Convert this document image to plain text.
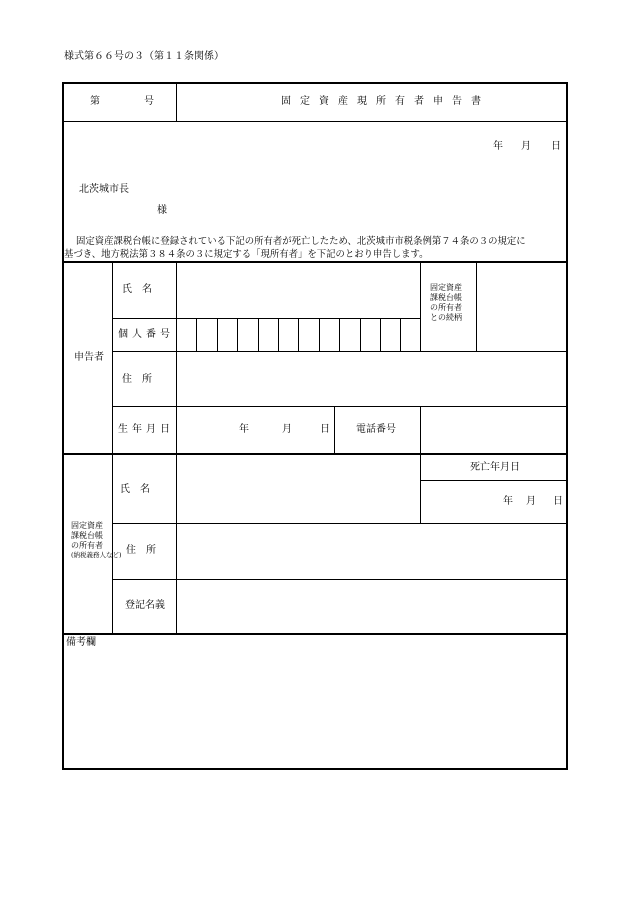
様式第６６号の３（第１１条関係）
第	号	固定資産現所有者申告書
年 月 日
北茨城市長
様
固定資産課税台帳に登録されている下記の所有者が死亡したため、北茨城市市税条例第７４条の３の規定に
基づき、地方税法第３８４条の３に規定する「現所有者」を下記のとおり申告します。
申告者
氏　名
個人番号
固定資産
課税台帳
の所有者
との続柄
住　所
生年月日	年	月	日	電話番号
固定資産
課税台帳
の所有者
(納税義務人など)
氏　名
死亡年月日
年 月 日
住　所
登記名義
備考欄
